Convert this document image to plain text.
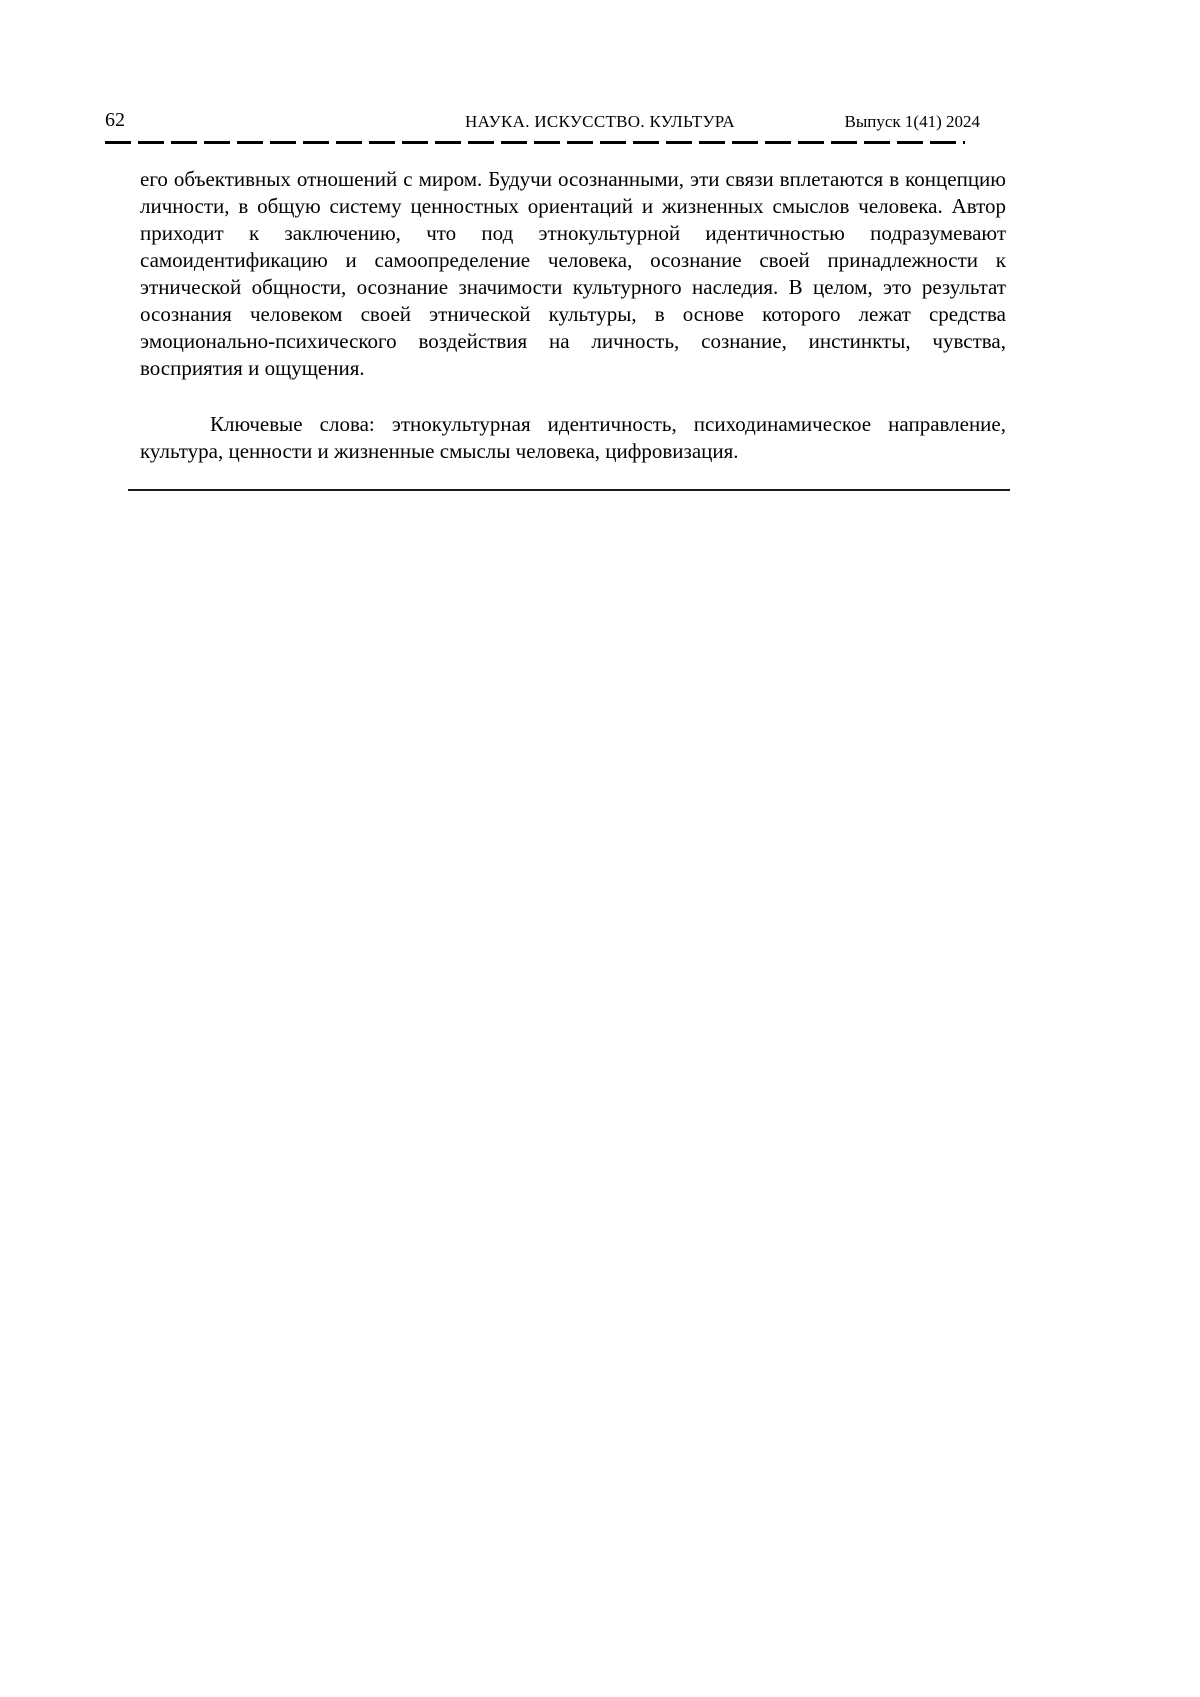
62	НАУКА. ИСКУССТВО. КУЛЬТУРА	Выпуск 1(41) 2024

его объективных отношений с миром. Будучи осознанными, эти связи вплетаются в концепцию личности, в общую систему ценностных ориентаций и жизненных смыслов человека. Автор приходит к заключению, что под этнокультурной идентичностью подразумевают самоидентификацию и самоопределение человека, осознание своей принадлежности к этнической общности, осознание значимости культурного наследия. В целом, это результат осознания человеком своей этнической культуры, в основе которого лежат средства эмоционально-психического воздействия на личность, сознание, инстинкты, чувства, восприятия и ощущения.

Ключевые слова: этнокультурная идентичность, психодинамическое направление, культура, ценности и жизненные смыслы человека, цифровизация.
